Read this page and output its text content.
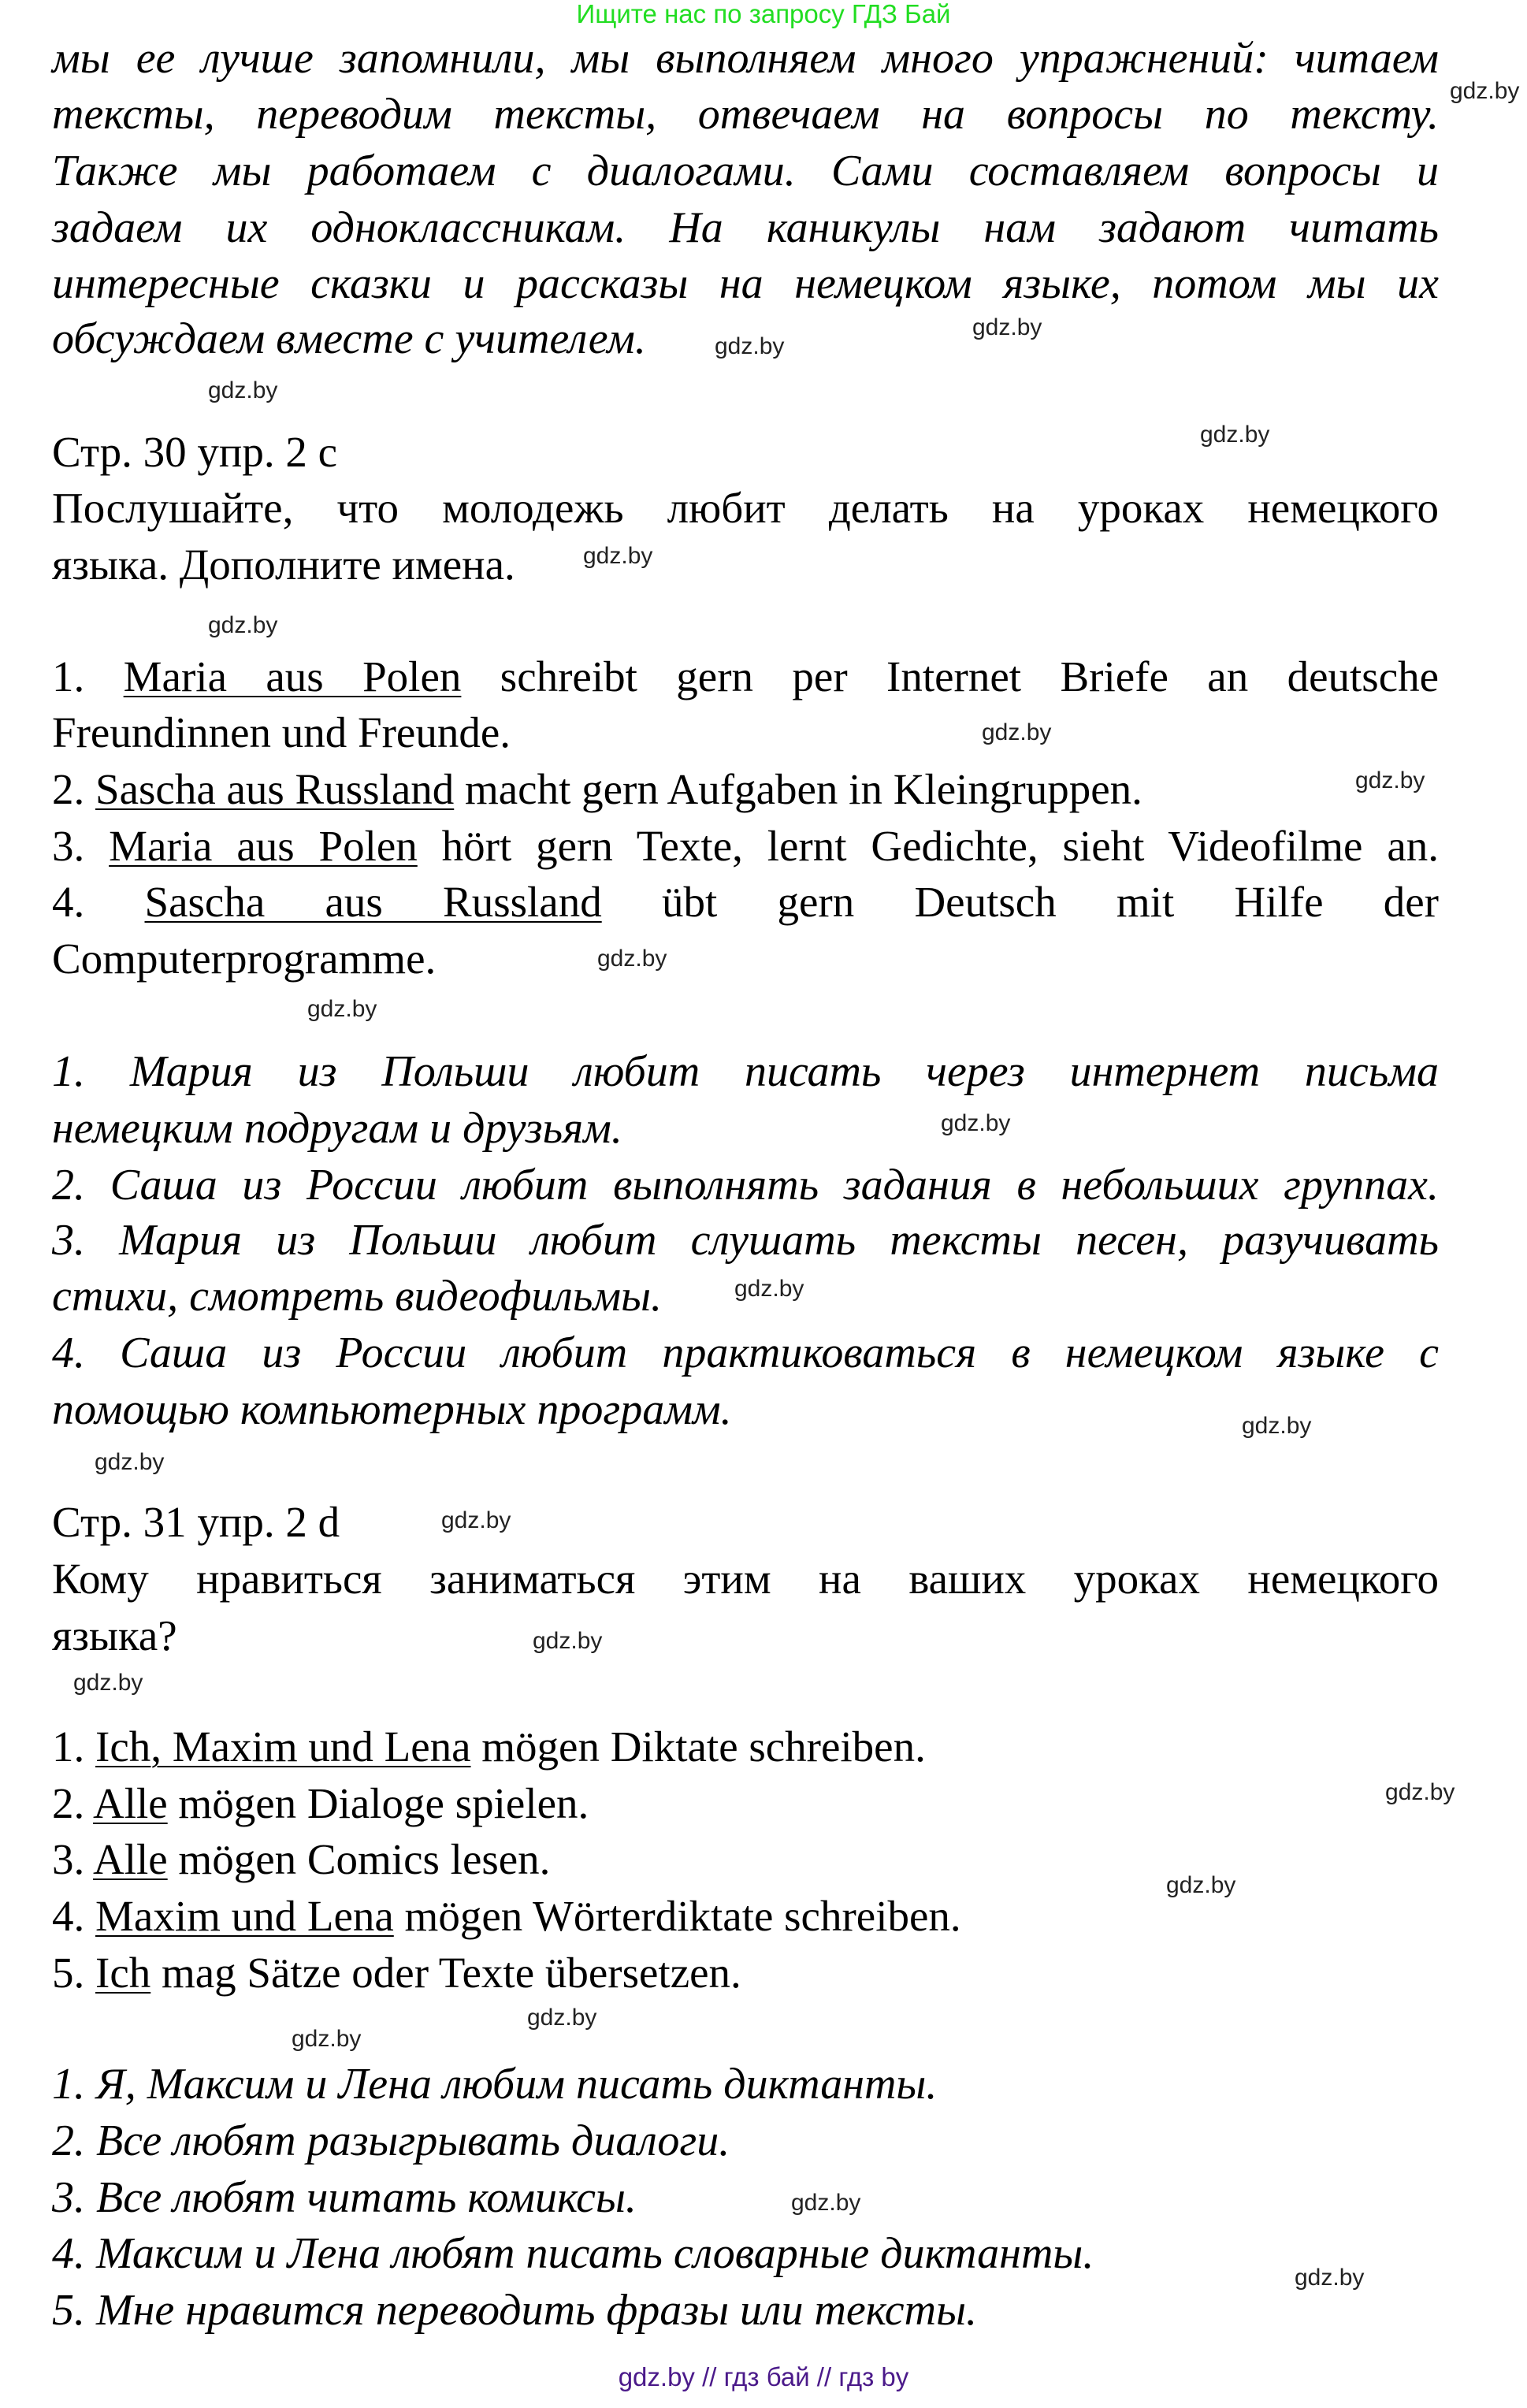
Ищите нас по запросу ГДЗ Бай
мы ее лучше запомнили, мы выполняем много упражнений: читаем
тексты, переводим тексты, отвечаем на вопросы по тексту.
Также мы работаем с диалогами. Сами составляем вопросы и
задаем их одноклассникам. На каникулы нам задают читать
интересные сказки и рассказы на немецком языке, потом мы их
обсуждаем вместе с учителем.
Стр. 30 упр. 2 c
Послушайте, что молодежь любит делать на уроках немецкого
языка. Дополните имена.
1. Maria aus Polen schreibt gern per Internet Briefe an deutsche
Freundinnen und Freunde.
2. Sascha aus Russland macht gern Aufgaben in Kleingruppen.
3. Maria aus Polen hört gern Texte, lernt Gedichte, sieht Videofilme an.
4. Sascha aus Russland übt gern Deutsch mit Hilfe der
Computerprogramme.
1. Мария из Польши любит писать через интернет письма
немецким подругам и друзьям.
2. Саша из России любит выполнять задания в небольших группах.
3. Мария из Польши любит слушать тексты песен, разучивать
стихи, смотреть видеофильмы.
4. Саша из России любит практиковаться в немецком языке с
помощью компьютерных программ.
Стр. 31 упр. 2 d
Кому нравиться заниматься этим на ваших уроках немецкого
языка?
1. Ich, Maxim und Lena mögen Diktate schreiben.
2. Alle mögen Dialoge spielen.
3. Alle mögen Comics lesen.
4. Maxim und Lena mögen Wörterdiktate schreiben.
5. Ich mag Sätze oder Texte übersetzen.
1. Я, Максим и Лена любим писать диктанты.
2. Все любят разыгрывать диалоги.
3. Все любят читать комиксы.
4. Максим и Лена любят писать словарные диктанты.
5. Мне нравится переводить фразы или тексты.
gdz.by // гдз бай // гдз by
gdz.by
gdz.by
gdz.by
gdz.by
gdz.by
gdz.by
gdz.by
gdz.by
gdz.by
gdz.by
gdz.by
gdz.by
gdz.by
gdz.by
gdz.by
gdz.by
gdz.by
gdz.by
gdz.by
gdz.by
gdz.by
gdz.by
gdz.by
gdz.by
